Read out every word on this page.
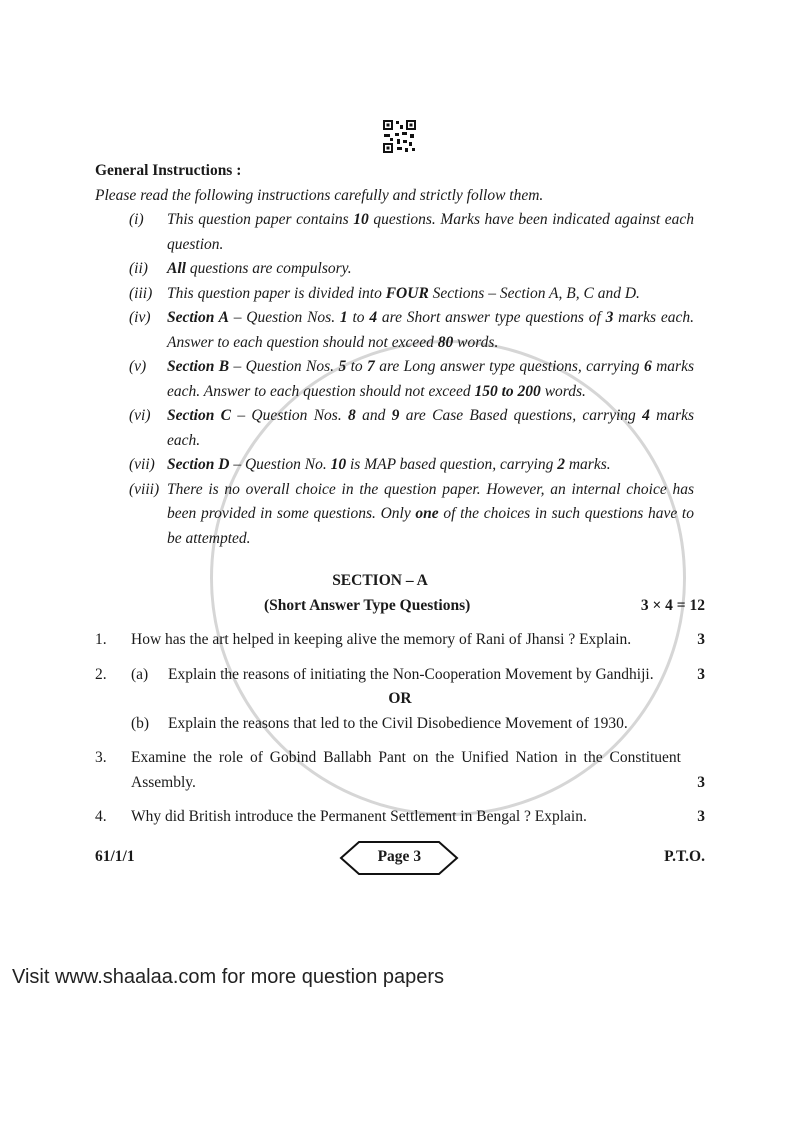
General Instructions :
Please read the following instructions carefully and strictly follow them.
(i)	This question paper contains 10 questions. Marks have been indicated against each question.
(ii)	All questions are compulsory.
(iii) This question paper is divided into FOUR Sections – Section A, B, C and D.
(iv)	Section A – Question Nos. 1 to 4 are Short answer type questions of 3 marks each. Answer to each question should not exceed 80 words.
(v)	Section B – Question Nos. 5 to 7 are Long answer type questions, carrying 6 marks each. Answer to each question should not exceed 150 to 200 words.
(vi)	Section C – Question Nos. 8 and 9 are Case Based questions, carrying 4 marks each.
(vii) Section D – Question No. 10 is MAP based question, carrying 2 marks.
(viii) There is no overall choice in the question paper. However, an internal choice has been provided in some questions. Only one of the choices in such questions have to be attempted.
SECTION – A
(Short Answer Type Questions)	3 × 4 = 12
1.	How has the art helped in keeping alive the memory of Rani of Jhansi ? Explain.	3
2.	(a)	Explain the reasons of initiating the Non-Cooperation Movement by Gandhiji.	3
OR
(b)	Explain the reasons that led to the Civil Disobedience Movement of 1930.
3.	Examine the role of Gobind Ballabh Pant on the Unified Nation in the Constituent Assembly.	3
4.	Why did British introduce the Permanent Settlement in Bengal ? Explain.	3
61/1/1	Page 3	P.T.O.
Visit www.shaalaa.com for more question papers
